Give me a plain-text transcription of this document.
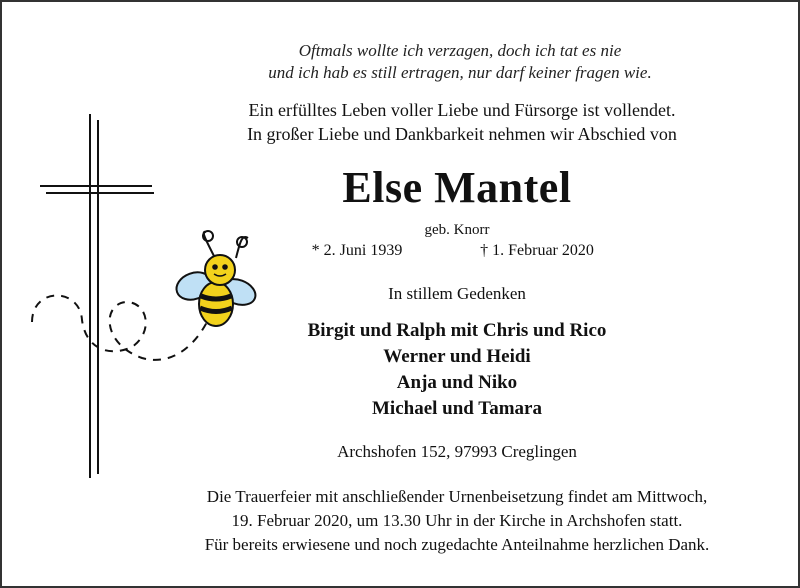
Oftmals wollte ich verzagen, doch ich tat es nie
und ich hab es still ertragen, nur darf keiner fragen wie.
Ein erfülltes Leben voller Liebe und Fürsorge ist vollendet.
In großer Liebe und Dankbarkeit nehmen wir Abschied von
Else Mantel
geb. Knorr
* 2. Juni 1939	† 1. Februar 2020
In stillem Gedenken
Birgit und Ralph mit Chris und Rico
Werner und Heidi
Anja und Niko
Michael und Tamara
Archshofen 152, 97993 Creglingen
Die Trauerfeier mit anschließender Urnenbeisetzung findet am Mittwoch,
19. Februar 2020, um 13.30 Uhr in der Kirche in Archshofen statt.
Für bereits erwiesene und noch zugedachte Anteilnahme herzlichen Dank.
